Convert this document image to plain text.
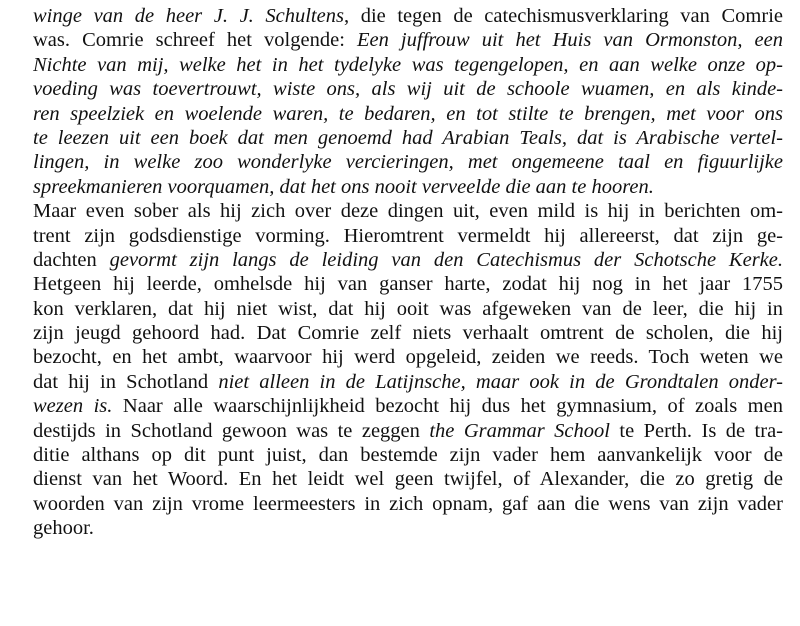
winge van de heer J. J. Schultens, die tegen de catechismusverklaring van Comrie
was. Comrie schreef het volgende: Een juffrouw uit het Huis van Ormonston, een
Nichte van mij, welke het in het tydelyke was tegengelopen, en aan welke onze op-
voeding was toevertrouwt, wiste ons, als wij uit de schoole wuamen, en als kinde-
ren speelziek en woelende waren, te bedaren, en tot stilte te brengen, met voor ons
te leezen uit een boek dat men genoemd had Arabian Teals, dat is Arabische vertel-
lingen, in welke zoo wonderlyke vercieringen, met ongemeene taal en figuurlijke
spreekmanieren voorquamen, dat het ons nooit verveelde die aan te hooren.
Maar even sober als hij zich over deze dingen uit, even mild is hij in berichten om-
trent zijn godsdienstige vorming. Hieromtrent vermeldt hij allereerst, dat zijn ge-
dachten gevormt zijn langs de leiding van den Catechismus der Schotsche Kerke.
Hetgeen hij leerde, omhelsde hij van ganser harte, zodat hij nog in het jaar 1755
kon verklaren, dat hij niet wist, dat hij ooit was afgeweken van de leer, die hij in
zijn jeugd gehoord had. Dat Comrie zelf niets verhaalt omtrent de scholen, die hij
bezocht, en het ambt, waarvoor hij werd opgeleid, zeiden we reeds. Toch weten we
dat hij in Schotland niet alleen in de Latijnsche, maar ook in de Grondtalen onder-
wezen is. Naar alle waarschijnlijkheid bezocht hij dus het gymnasium, of zoals men
destijds in Schotland gewoon was te zeggen the Grammar School te Perth. Is de tra-
ditie althans op dit punt juist, dan bestemde zijn vader hem aanvankelijk voor de
dienst van het Woord. En het leidt wel geen twijfel, of Alexander, die zo gretig de
woorden van zijn vrome leermeesters in zich opnam, gaf aan die wens van zijn vader
gehoor.
